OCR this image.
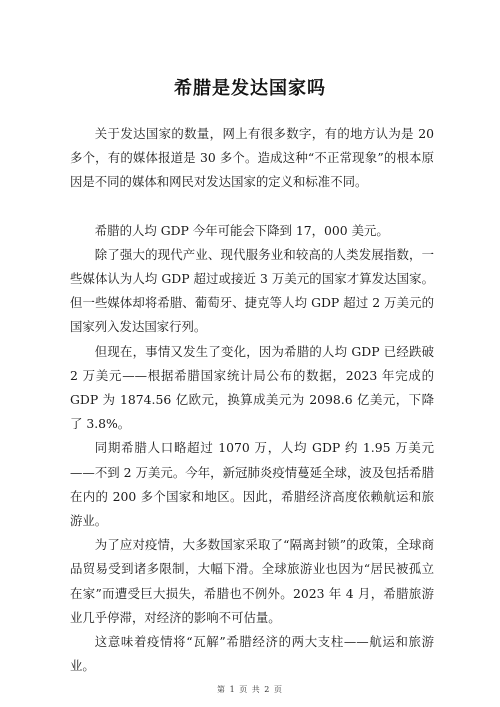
希腊是发达国家吗

关于发达国家的数量，网上有很多数字，有的地方认为是 20 多个，有的媒体报道是 30 多个。造成这种“不正常现象”的根本原因是不同的媒体和网民对发达国家的定义和标准不同。

希腊的人均 GDP 今年可能会下降到 17，000 美元。

除了强大的现代产业、现代服务业和较高的人类发展指数，一些媒体认为人均 GDP 超过或接近 3 万美元的国家才算发达国家。但一些媒体却将希腊、葡萄牙、捷克等人均 GDP 超过 2 万美元的国家列入发达国家行列。

但现在，事情又发生了变化，因为希腊的人均 GDP 已经跌破 2 万美元——根据希腊国家统计局公布的数据，2023 年完成的 GDP 为 1874.56 亿欧元，换算成美元为 2098.6 亿美元，下降了 3.8%。

同期希腊人口略超过 1070 万，人均 GDP 约 1.95 万美元——不到 2 万美元。今年，新冠肺炎疫情蔓延全球，波及包括希腊在内的 200 多个国家和地区。因此，希腊经济高度依赖航运和旅游业。

为了应对疫情，大多数国家采取了“隔离封锁”的政策，全球商品贸易受到诸多限制，大幅下滑。全球旅游业也因为“居民被孤立在家”而遭受巨大损失，希腊也不例外。2023 年 4 月，希腊旅游业几乎停滞，对经济的影响不可估量。

这意味着疫情将“瓦解”希腊经济的两大支柱——航运和旅游业。

第 1 页 共 2 页
